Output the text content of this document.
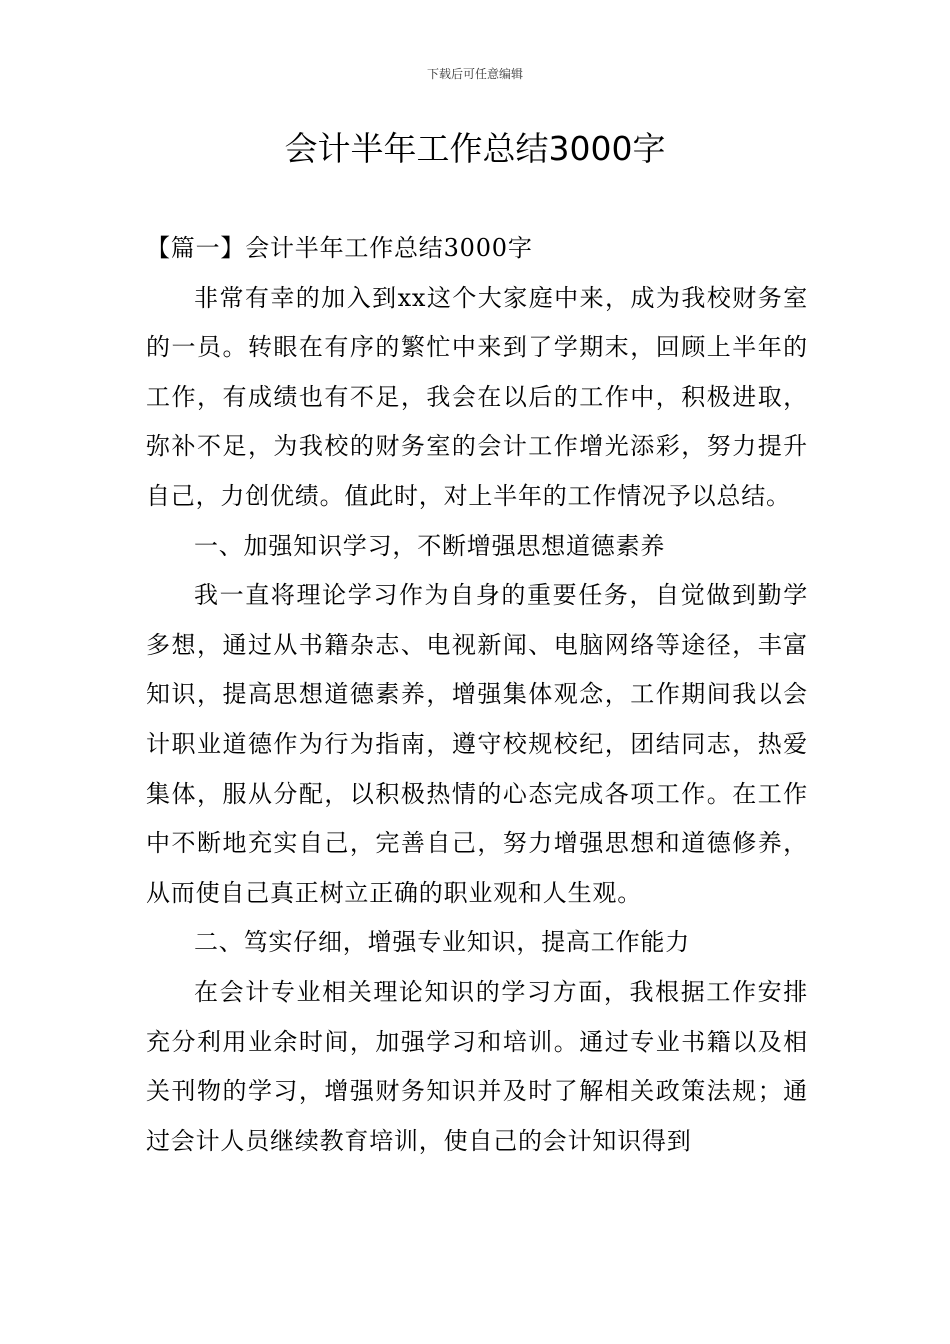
下载后可任意编辑
会计半年工作总结3000字

【篇一】会计半年工作总结3000字

非常有幸的加入到xx这个大家庭中来，成为我校财务室的一员。转眼在有序的繁忙中来到了学期末，回顾上半年的工作，有成绩也有不足，我会在以后的工作中，积极进取，弥补不足，为我校的财务室的会计工作增光添彩，努力提升自己，力创优绩。值此时，对上半年的工作情况予以总结。

一、加强知识学习，不断增强思想道德素养

我一直将理论学习作为自身的重要任务，自觉做到勤学多想，通过从书籍杂志、电视新闻、电脑网络等途径，丰富知识，提高思想道德素养，增强集体观念，工作期间我以会计职业道德作为行为指南，遵守校规校纪，团结同志，热爱集体，服从分配，以积极热情的心态完成各项工作。在工作中不断地充实自己，完善自己，努力增强思想和道德修养，从而使自己真正树立正确的职业观和人生观。

二、笃实仔细，增强专业知识，提高工作能力

在会计专业相关理论知识的学习方面，我根据工作安排充分利用业余时间，加强学习和培训。通过专业书籍以及相关刊物的学习，增强财务知识并及时了解相关政策法规；通过会计人员继续教育培训，使自己的会计知识得到
